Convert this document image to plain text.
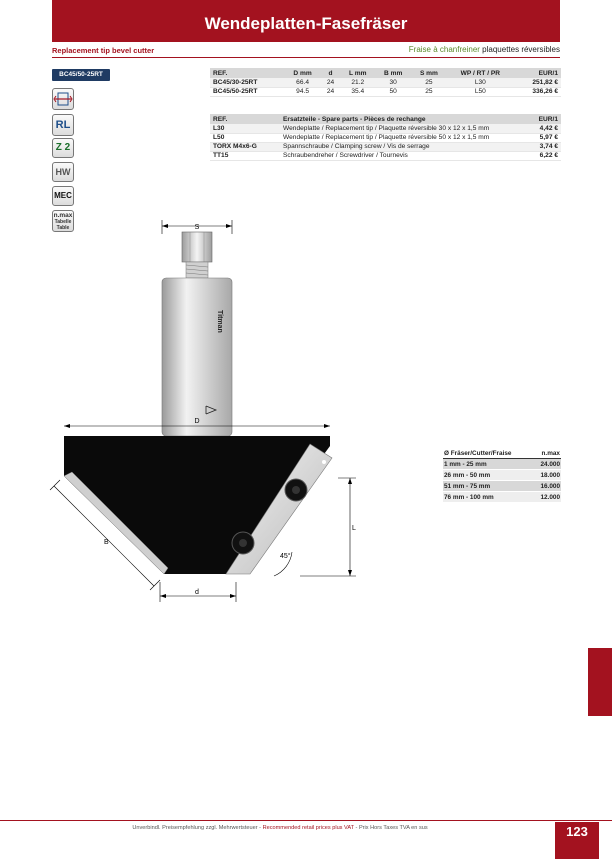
Wendeplatten-Fasefräser
Replacement tip bevel cutter	Fraise à chanfreiner plaquettes réversibles
BC45/50-25RT
RL
Z 2
HW
MEC
n.max
Tabelle Table
REF.	D mm	d	L mm	B mm	S mm	WP / RT / PR	EUR/1
BC45/30-25RT	66.4	24	21.2	30	25	L30	251,82 €
BC45/50-25RT	94.5	24	35.4	50	25	L50	336,26 €
REF.	Ersatzteile - Spare parts - Pièces de rechange	EUR/1
L30	Wendeplatte / Replacement tip / Plaquette réversible 30 x 12 x 1,5 mm	4,42 €
L50	Wendeplatte / Replacement tip / Plaquette réversible 50 x 12 x 1,5 mm	5,97 €
TORX M4x6-G	Spannschraube / Clamping screw / Vis de serrage	3,74 €
TT15	Schraubendreher / Screwdriver / Tournevis	6,22 €
S
Titman
D
L
45°
B
d
Ø Fräser/Cutter/Fraise	n.max
1 mm - 25 mm	24.000
26 mm - 50 mm	18.000
51 mm - 75 mm	16.000
76 mm - 100 mm	12.000
Unverbindl. Preisempfehlung zzgl. Mehrwertsteuer - Recommended retail prices plus VAT - Prix Hors Taxes TVA en sus	123
